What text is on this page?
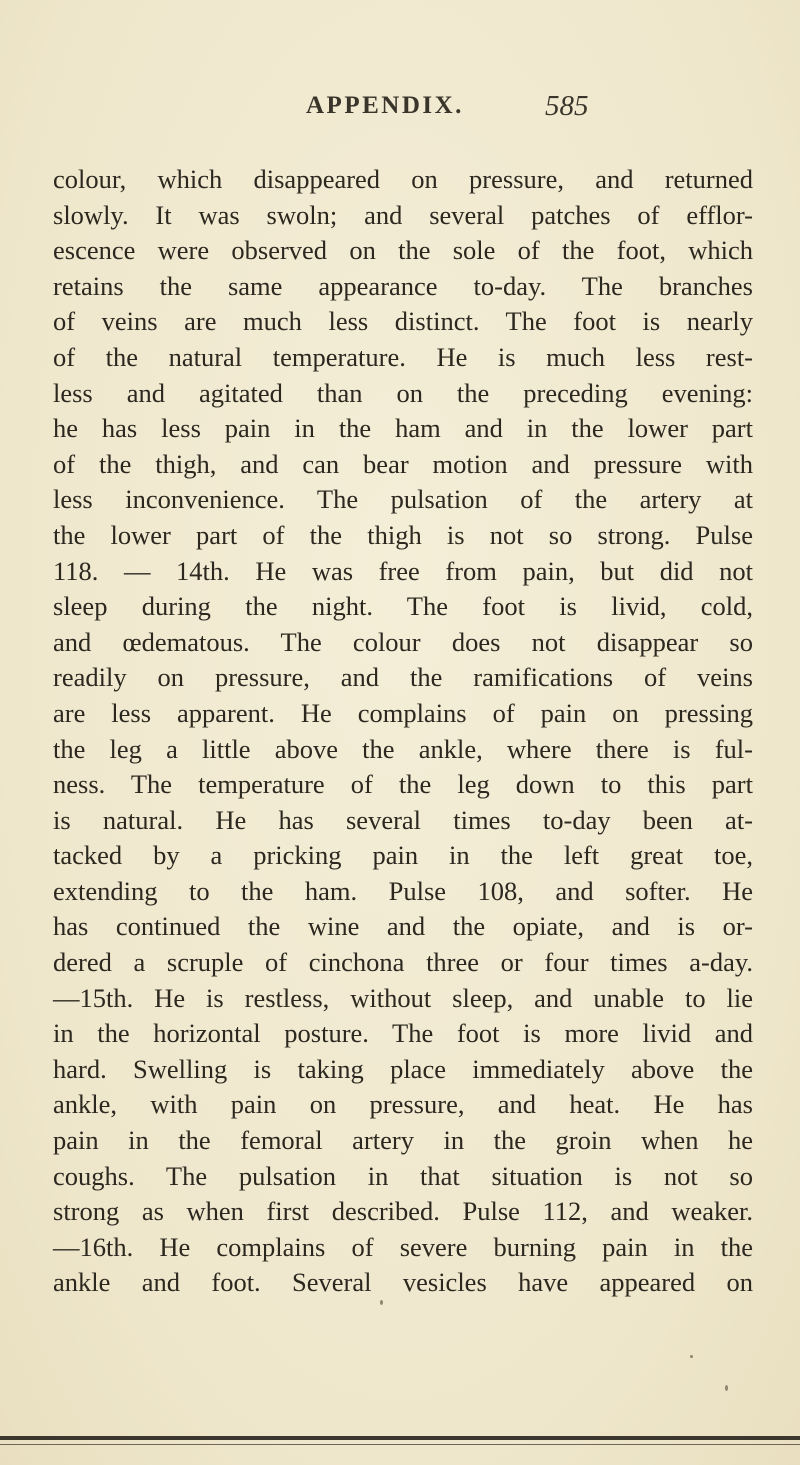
APPENDIX.	585
colour, which disappeared on pressure, and returned
slowly. It was swoln; and several patches of efflor-
escence were observed on the sole of the foot, which
retains the same appearance to-day. The branches
of veins are much less distinct. The foot is nearly
of the natural temperature. He is much less rest-
less and agitated than on the preceding evening:
he has less pain in the ham and in the lower part
of the thigh, and can bear motion and pressure with
less inconvenience. The pulsation of the artery at
the lower part of the thigh is not so strong. Pulse
118. — 14th. He was free from pain, but did not
sleep during the night. The foot is livid, cold,
and œdematous. The colour does not disappear so
readily on pressure, and the ramifications of veins
are less apparent. He complains of pain on pressing
the leg a little above the ankle, where there is ful-
ness. The temperature of the leg down to this part
is natural. He has several times to-day been at-
tacked by a pricking pain in the left great toe,
extending to the ham. Pulse 108, and softer. He
has continued the wine and the opiate, and is or-
dered a scruple of cinchona three or four times a-day.
—15th. He is restless, without sleep, and unable to lie
in the horizontal posture. The foot is more livid and
hard. Swelling is taking place immediately above the
ankle, with pain on pressure, and heat. He has
pain in the femoral artery in the groin when he
coughs. The pulsation in that situation is not so
strong as when first described. Pulse 112, and weaker.
—16th. He complains of severe burning pain in the
ankle and foot. Several vesicles have appeared on
